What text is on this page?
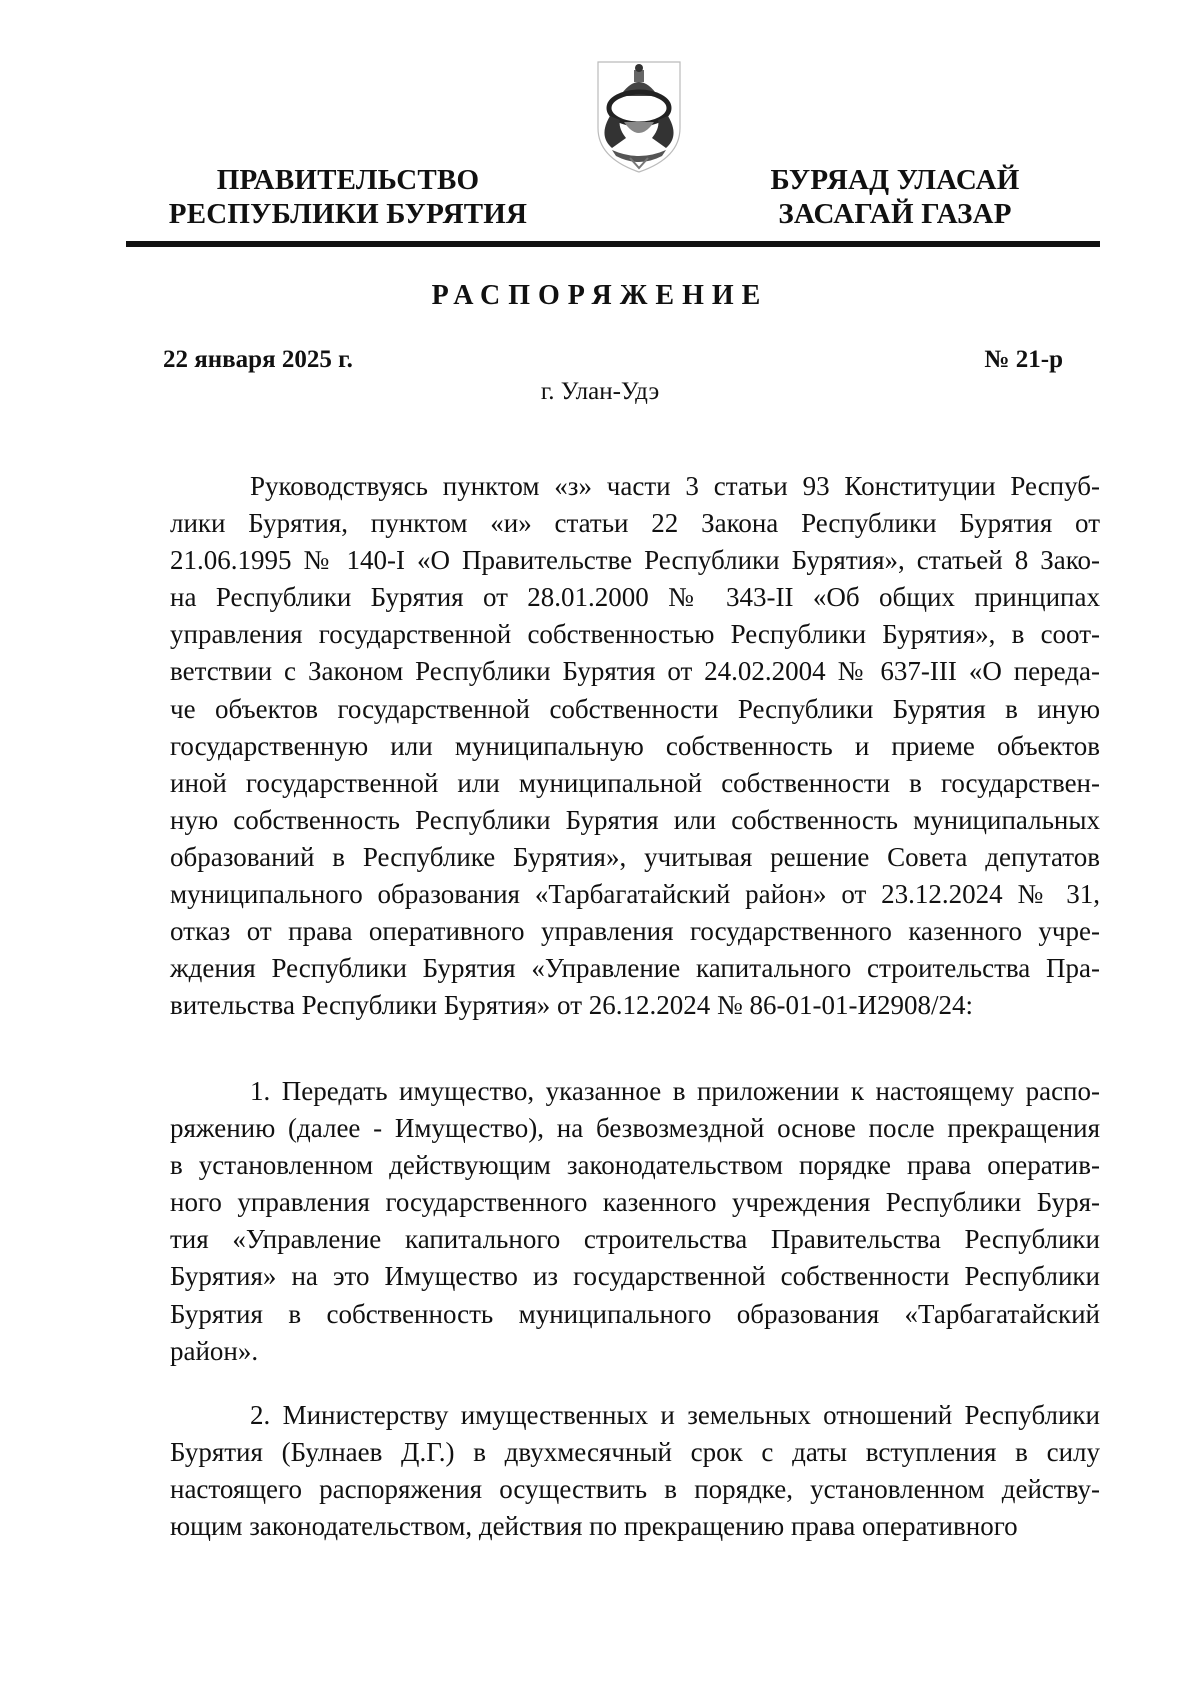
ПРАВИТЕЛЬСТВО
РЕСПУБЛИКИ БУРЯТИЯ
БУРЯАД УЛАСАЙ
ЗАСАГАЙ ГАЗАР
РАСПОРЯЖЕНИЕ
22 января 2025 г.	№ 21-р
г. Улан-Удэ
Руководствуясь пунктом «з» части 3 статьи 93 Конституции Респуб-
лики Бурятия, пунктом «и» статьи 22 Закона Республики Бурятия от
21.06.1995 № 140-I «О Правительстве Республики Бурятия», статьей 8 Зако-
на Республики Бурятия от 28.01.2000 № 343-II «Об общих принципах
управления государственной собственностью Республики Бурятия», в соот-
ветствии с Законом Республики Бурятия от 24.02.2004 № 637-III «О переда-
че объектов государственной собственности Республики Бурятия в иную
государственную или муниципальную собственность и приеме объектов
иной государственной или муниципальной собственности в государствен-
ную собственность Республики Бурятия или собственность муниципальных
образований в Республике Бурятия», учитывая решение Совета депутатов
муниципального образования «Тарбагатайский район» от 23.12.2024 № 31,
отказ от права оперативного управления государственного казенного учре-
ждения Республики Бурятия «Управление капитального строительства Пра-
вительства Республики Бурятия» от 26.12.2024 № 86-01-01-И2908/24:
1. Передать имущество, указанное в приложении к настоящему распо-
ряжению (далее - Имущество), на безвозмездной основе после прекращения
в установленном действующим законодательством порядке права оператив-
ного управления государственного казенного учреждения Республики Буря-
тия «Управление капитального строительства Правительства Республики
Бурятия» на это Имущество из государственной собственности Республики
Бурятия в собственность муниципального образования «Тарбагатайский
район».
2. Министерству имущественных и земельных отношений Республики
Бурятия (Булнаев Д.Г.) в двухмесячный срок с даты вступления в силу
настоящего распоряжения осуществить в порядке, установленном действу-
ющим законодательством, действия по прекращению права оперативного
